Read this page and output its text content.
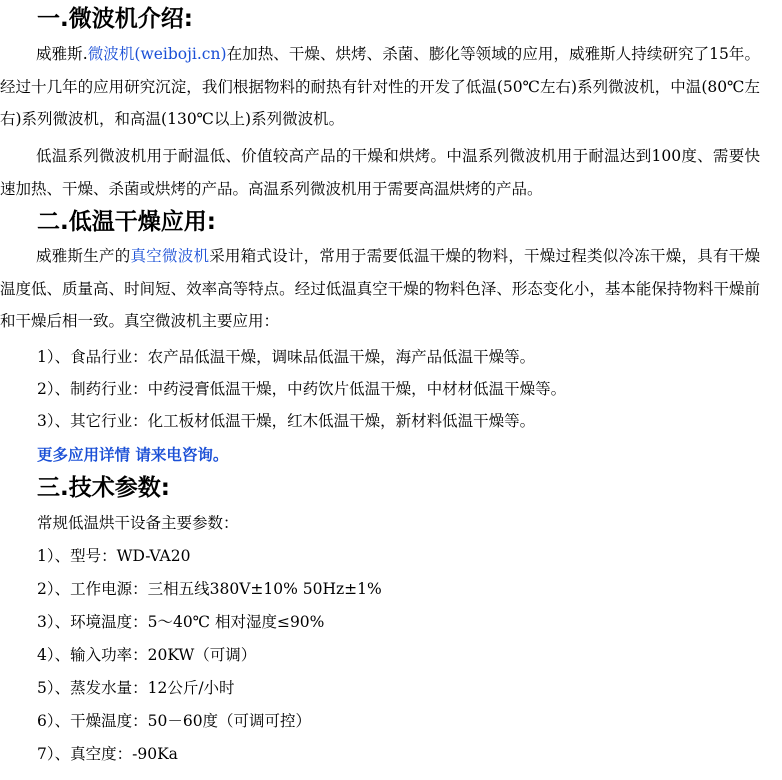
一.微波机介绍:

威雅斯.微波机(weiboji.cn)在加热、干燥、烘烤、杀菌、膨化等领域的应用，威雅斯人持续研究了15年。经过十几年的应用研究沉淀，我们根据物料的耐热有针对性的开发了低温(50℃左右)系列微波机，中温(80℃左右)系列微波机，和高温(130℃以上)系列微波机。

低温系列微波机用于耐温低、价值较高产品的干燥和烘烤。中温系列微波机用于耐温达到100度、需要快速加热、干燥、杀菌或烘烤的产品。高温系列微波机用于需要高温烘烤的产品。

二.低温干燥应用:

威雅斯生产的真空微波机采用箱式设计，常用于需要低温干燥的物料，干燥过程类似冷冻干燥，具有干燥温度低、质量高、时间短、效率高等特点。经过低温真空干燥的物料色泽、形态变化小，基本能保持物料干燥前和干燥后相一致。真空微波机主要应用：

1）、食品行业：农产品低温干燥，调味品低温干燥，海产品低温干燥等。

2）、制药行业：中药浸膏低温干燥，中药饮片低温干燥，中材材低温干燥等。

3）、其它行业：化工板材低温干燥，红木低温干燥，新材料低温干燥等。

更多应用详情 请来电咨询。
三.技术参数:

常规低温烘干设备主要参数：

1）、型号：WD-VA20

2）、工作电源：三相五线380V±10% 50Hz±1%

3）、环境温度：5～40℃ 相对湿度≤90%

4）、输入功率：20KW（可调）

5）、蒸发水量：12公斤/小时

6）、干燥温度：50－60度（可调可控）

7）、真空度：-90Ka
